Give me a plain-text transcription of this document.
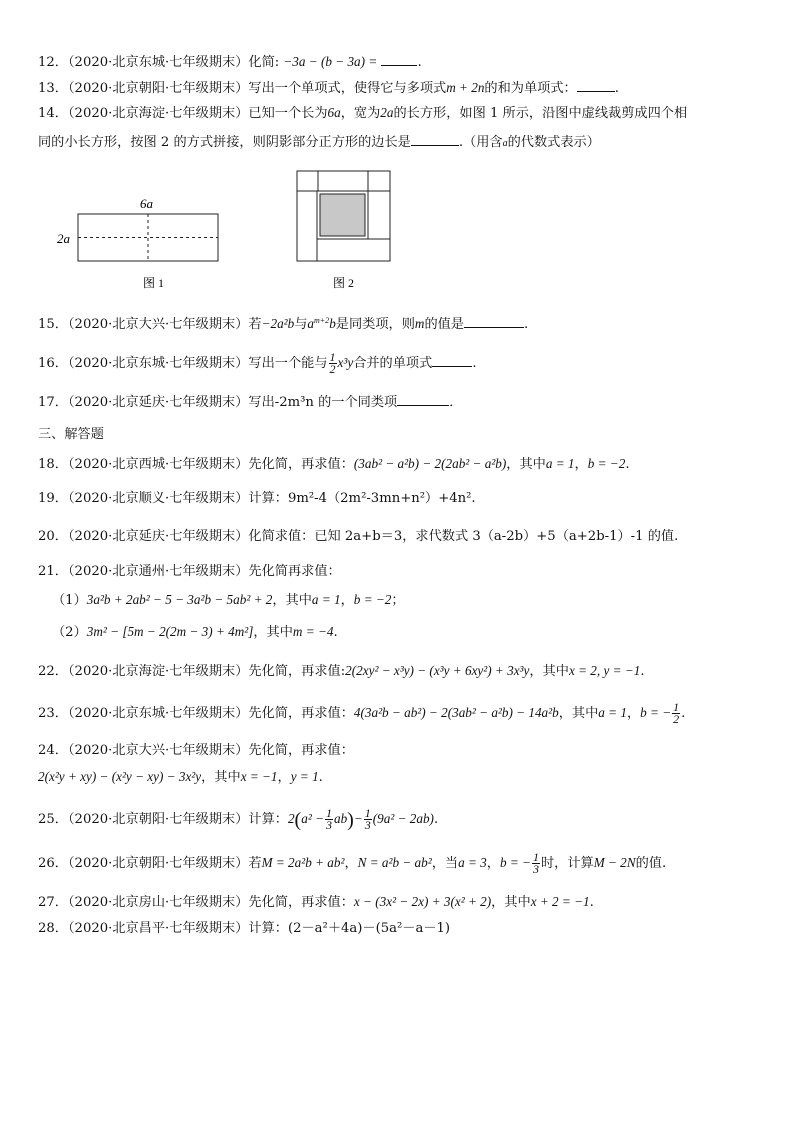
12．（2020·北京东城·七年级期末）化简: −3a − (b − 3a) =	.
13．（2020·北京朝阳·七年级期末）写出一个单项式，使得它与多项式m + 2n的和为单项式：	.
14．（2020·北京海淀·七年级期末）已知一个长为6a，宽为2a的长方形，如图 1 所示，沿图中虚线裁剪成四个相
同的小长方形，按图 2 的方式拼接，则阴影部分正方形的边长是	.（用含a的代数式表示）
6a
2a
图 1	图 2
15．（2020·北京大兴·七年级期末）若−2a²b与$a^{m+2}b$是同类项，则m的值是	.
16．（2020·北京东城·七年级期末）写出一个能与 $\frac{1}{2} x^3y$合并的单项式	.
17．（2020·北京延庆·七年级期末）写出-2m³n 的一个同类项	．
三、解答题
18．（2020·北京西城·七年级期末）先化简，再求值：(3ab² − a²b) − 2(2ab² − a²b)，其中a = 1，b = −2.
19．（2020·北京顺义·七年级期末）计算：9m²-4（2m²-3mn+n²）+4n².
20．（2020·北京延庆·七年级期末）化简求值：已知 2a+b＝3，求代数式 3（a-2b）+5（a+2b-1）-1 的值.
21．（2020·北京通州·七年级期末）先化简再求值：
（1）3a²b + 2ab² − 5 − 3a²b − 5ab² + 2，其中a = 1，b = −2；
（2）3m² − [5m − 2(2m − 3) + 4m²]，其中m = −4.
22．（2020·北京海淀·七年级期末）先化简，再求值:2(2xy² − x³y) − (x³y + 6xy²) + 3x³y，其中x = 2, y = −1.
23．（2020·北京东城·七年级期末）先化简，再求值：4(3a²b − ab²) − 2(3ab² − a²b) − 14a²b，其中a = 1，b = − $\frac{1}{2}$ .
24．（2020·北京大兴·七年级期末）先化简，再求值：
2(x²y + xy) − (x²y − xy) − 3x²y，其中x = −1，y = 1.
25．（2020·北京朝阳·七年级期末）计算：$2(a^2 - \frac{1}{3} ab)- \frac{1}{3} (9a^2 - 2ab)$.
26．（2020·北京朝阳·七年级期末）若M = 2a²b + ab²，N = a²b − ab²，当a = 3，b = − $\frac{1}{3}$ 时，计算M − 2N的值.
27．（2020·北京房山·七年级期末）先化简，再求值：x − (3x² − 2x) + 3(x² + 2)，其中x + 2 = −1.
28．（2020·北京昌平·七年级期末）计算：(2－a²＋4a)－(5a²－a－1)
